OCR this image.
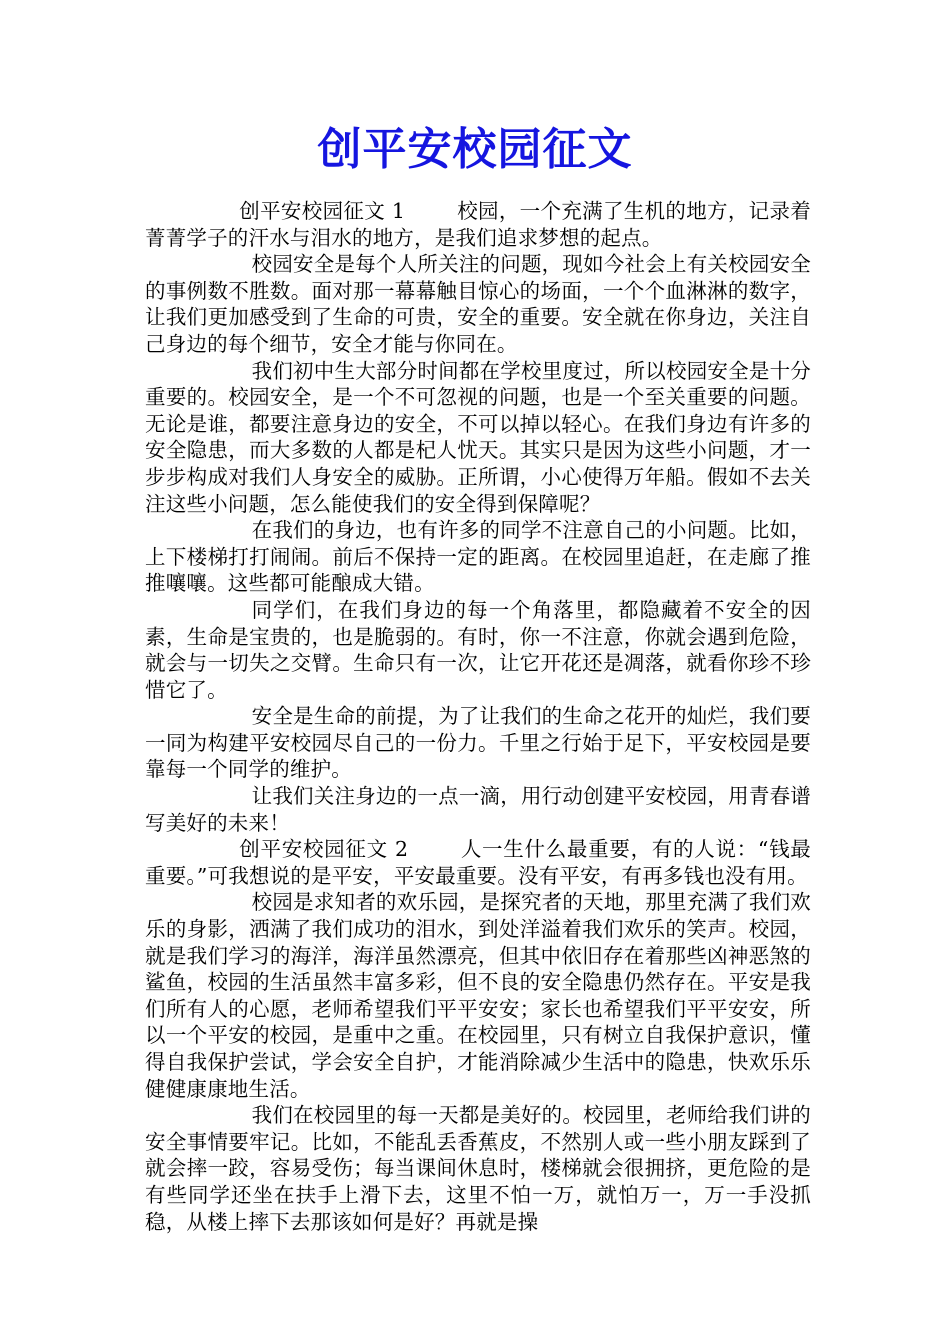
创平安校园征文

创平安校园征文 1	校园，一个充满了生机的地方，记录着菁菁学子的汗水与泪水的地方，是我们追求梦想的起点。

校园安全是每个人所关注的问题，现如今社会上有关校园安全的事例数不胜数。面对那一幕幕触目惊心的场面，一个个血淋淋的数字，让我们更加感受到了生命的可贵，安全的重要。安全就在你身边，关注自己身边的每个细节，安全才能与你同在。

我们初中生大部分时间都在学校里度过，所以校园安全是十分重要的。校园安全，是一个不可忽视的问题，也是一个至关重要的问题。无论是谁，都要注意身边的安全，不可以掉以轻心。在我们身边有许多的安全隐患，而大多数的人都是杞人忧天。其实只是因为这些小问题，才一步步构成对我们人身安全的威胁。正所谓，小心使得万年船。假如不去关注这些小问题，怎么能使我们的安全得到保障呢？

在我们的身边，也有许多的同学不注意自己的小问题。比如，上下楼梯打打闹闹。前后不保持一定的距离。在校园里追赶，在走廊了推推嚷嚷。这些都可能酿成大错。

同学们，在我们身边的每一个角落里，都隐藏着不安全的因素，生命是宝贵的，也是脆弱的。有时，你一不注意，你就会遇到危险，就会与一切失之交臂。生命只有一次，让它开花还是凋落，就看你珍不珍惜它了。

安全是生命的前提，为了让我们的生命之花开的灿烂，我们要一同为构建平安校园尽自己的一份力。千里之行始于足下，平安校园是要靠每一个同学的维护。

让我们关注身边的一点一滴，用行动创建平安校园，用青春谱写美好的未来！

创平安校园征文 2	人一生什么最重要，有的人说：“钱最重要。”可我想说的是平安，平安最重要。没有平安，有再多钱也没有用。

校园是求知者的欢乐园，是探究者的天地，那里充满了我们欢乐的身影，洒满了我们成功的泪水，到处洋溢着我们欢乐的笑声。校园，就是我们学习的海洋，海洋虽然漂亮，但其中依旧存在着那些凶神恶煞的鲨鱼，校园的生活虽然丰富多彩，但不良的安全隐患仍然存在。平安是我们所有人的心愿，老师希望我们平平安安；家长也希望我们平平安安，所以一个平安的校园，是重中之重。在校园里，只有树立自我保护意识，懂得自我保护尝试，学会安全自护，才能消除减少生活中的隐患，快欢乐乐健健康康地生活。

我们在校园里的每一天都是美好的。校园里，老师给我们讲的安全事情要牢记。比如，不能乱丢香蕉皮，不然别人或一些小朋友踩到了就会摔一跤，容易受伤；每当课间休息时，楼梯就会很拥挤，更危险的是有些同学还坐在扶手上滑下去，这里不怕一万，就怕万一，万一手没抓稳，从楼上摔下去那该如何是好？再就是操
